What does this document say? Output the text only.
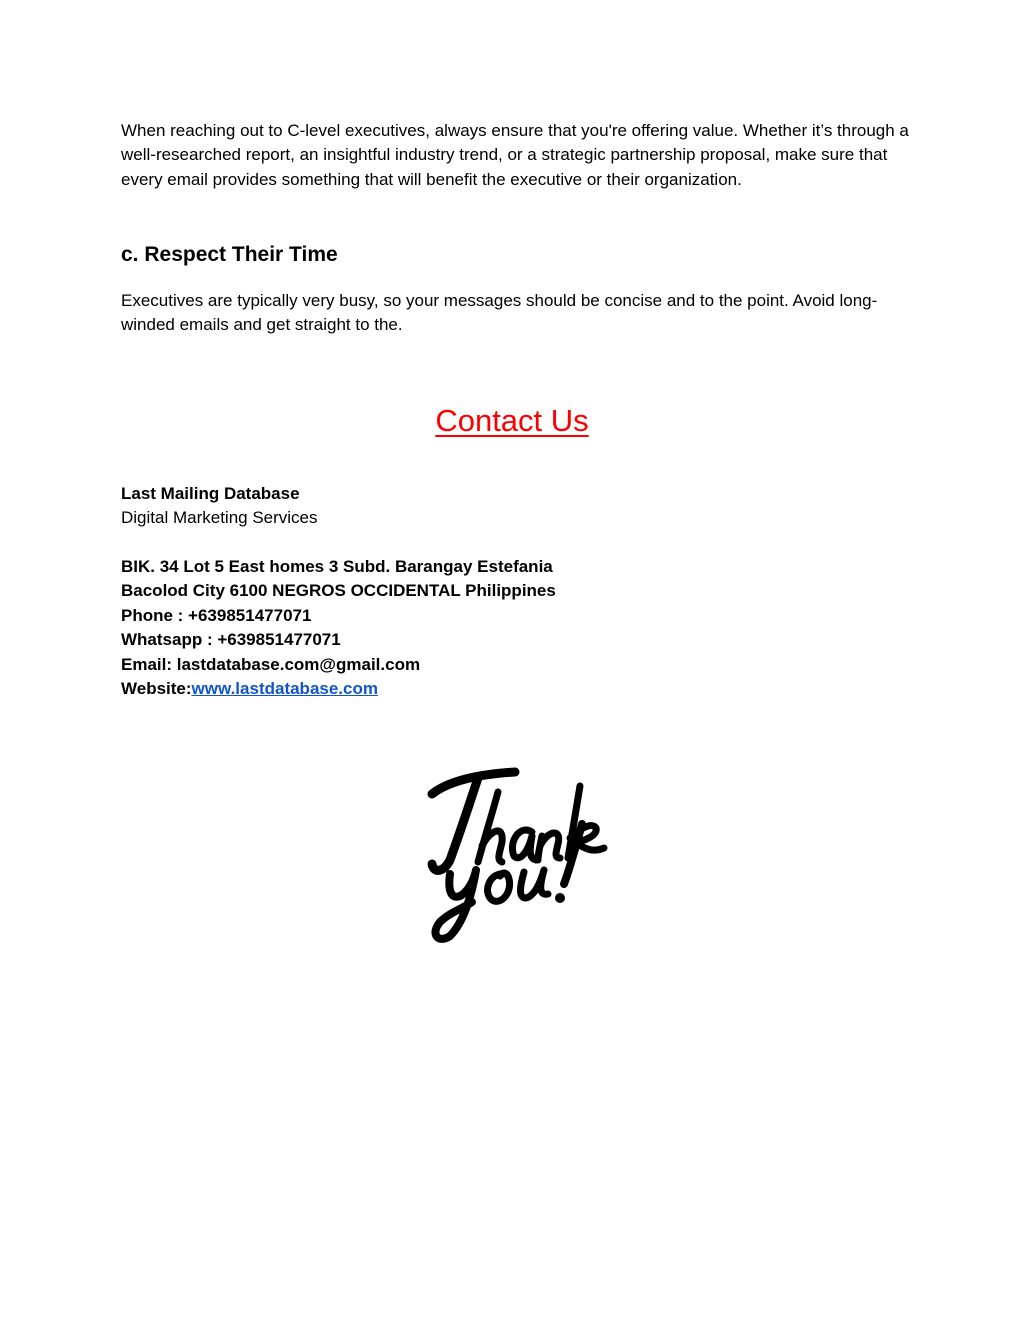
When reaching out to C-level executives, always ensure that you're offering value. Whether it’s through a well-researched report, an insightful industry trend, or a strategic partnership proposal, make sure that every email provides something that will benefit the executive or their organization.

c. Respect Their Time

Executives are typically very busy, so your messages should be concise and to the point. Avoid long-winded emails and get straight to the.

Contact Us
Last Mailing Database
Digital Marketing Services
BIK. 34 Lot 5 East homes 3 Subd. Barangay Estefania
Bacolod City 6100 NEGROS OCCIDENTAL Philippines
Phone : +639851477071
Whatsapp : +639851477071
Email: lastdatabase.com@gmail.com
Website:www.lastdatabase.com
